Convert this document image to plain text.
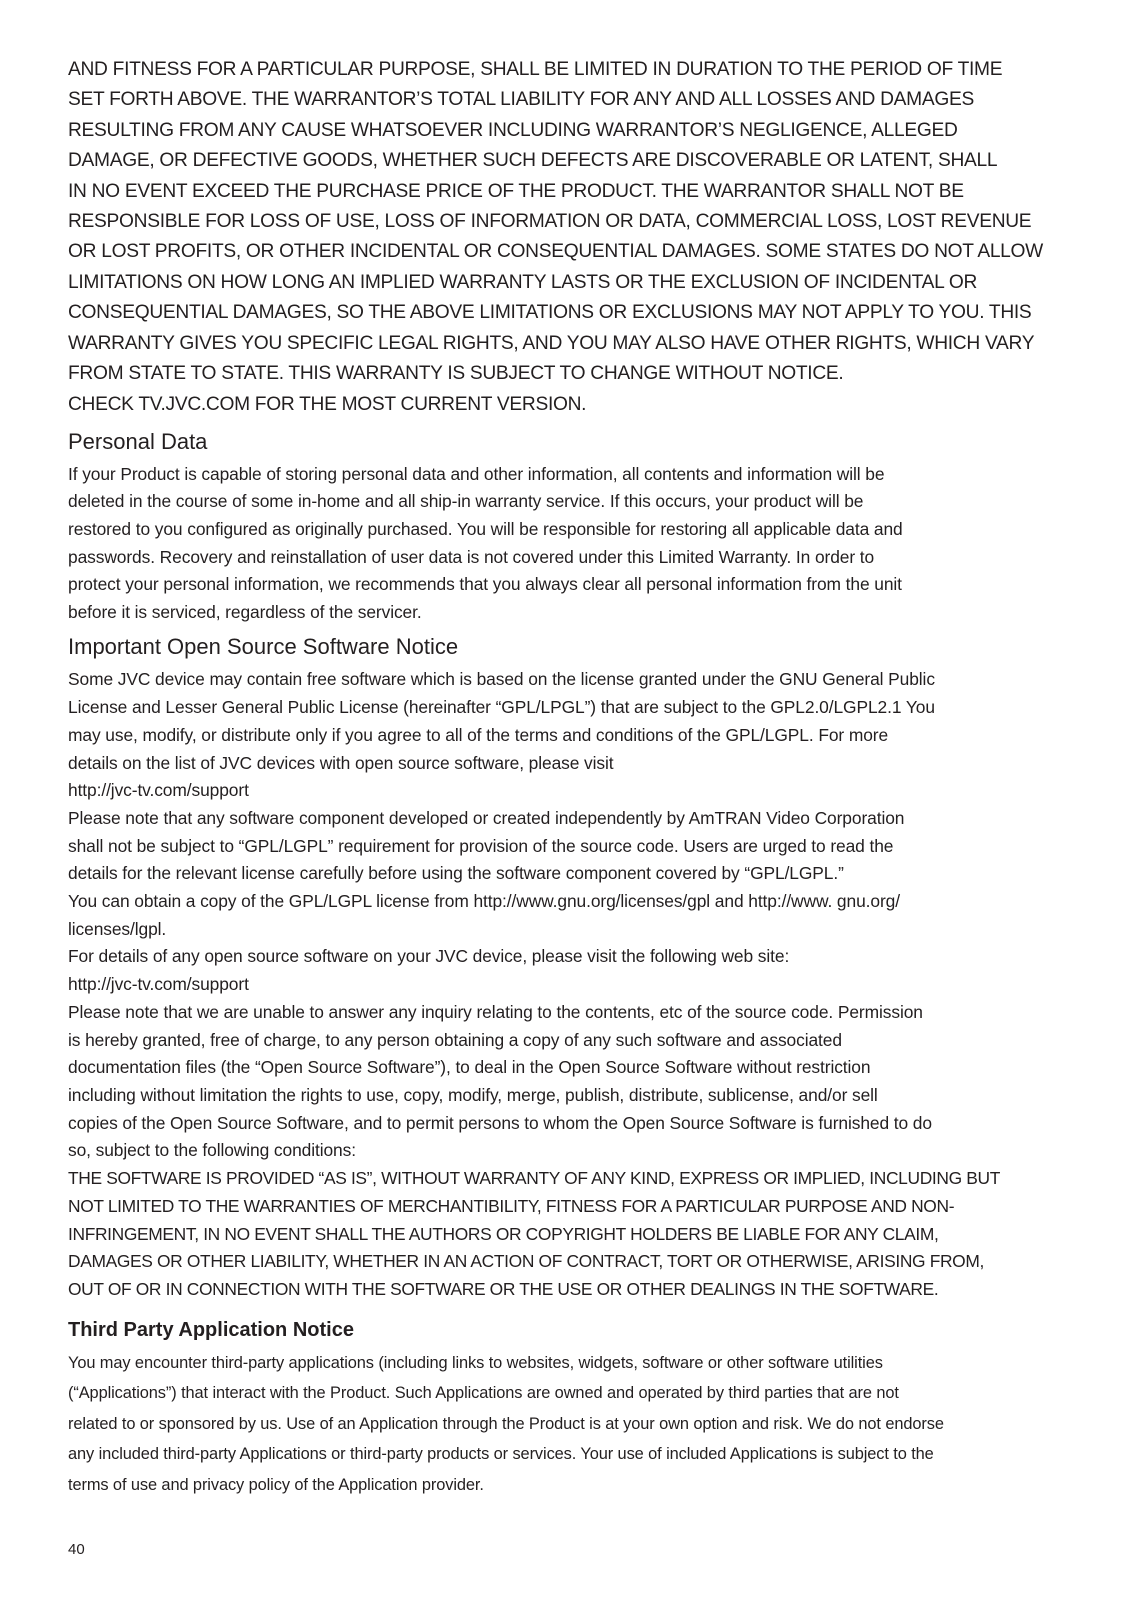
AND FITNESS FOR A PARTICULAR PURPOSE, SHALL BE LIMITED IN DURATION TO THE PERIOD OF TIME
SET FORTH ABOVE. THE WARRANTOR’S TOTAL LIABILITY FOR ANY AND ALL LOSSES AND DAMAGES
RESULTING FROM ANY CAUSE WHATSOEVER INCLUDING WARRANTOR’S NEGLIGENCE, ALLEGED
DAMAGE, OR DEFECTIVE GOODS, WHETHER SUCH DEFECTS ARE DISCOVERABLE OR LATENT, SHALL
IN NO EVENT EXCEED THE PURCHASE PRICE OF THE PRODUCT. THE WARRANTOR SHALL NOT BE
RESPONSIBLE FOR LOSS OF USE, LOSS OF INFORMATION OR DATA, COMMERCIAL LOSS, LOST REVENUE
OR LOST PROFITS, OR OTHER INCIDENTAL OR CONSEQUENTIAL DAMAGES. SOME STATES DO NOT ALLOW
LIMITATIONS ON HOW LONG AN IMPLIED WARRANTY LASTS OR THE EXCLUSION OF INCIDENTAL OR
CONSEQUENTIAL DAMAGES, SO THE ABOVE LIMITATIONS OR EXCLUSIONS MAY NOT APPLY TO YOU. THIS
WARRANTY GIVES YOU SPECIFIC LEGAL RIGHTS, AND YOU MAY ALSO HAVE OTHER RIGHTS, WHICH VARY
FROM STATE TO STATE. THIS WARRANTY IS SUBJECT TO CHANGE WITHOUT NOTICE.

CHECK TV.JVC.COM FOR THE MOST CURRENT VERSION.

Personal Data

If your Product is capable of storing personal data and other information, all contents and information will be
deleted in the course of some in-home and all ship-in warranty service. If this occurs, your product will be
restored to you configured as originally purchased. You will be responsible for restoring all applicable data and
passwords. Recovery and reinstallation of user data is not covered under this Limited Warranty. In order to
protect your personal information, we recommends that you always clear all personal information from the unit
before it is serviced, regardless of the servicer.

Important Open Source Software Notice

Some JVC device may contain free software which is based on the license granted under the GNU General Public
License and Lesser General Public License (hereinafter “GPL/LPGL”) that are subject to the GPL2.0/LGPL2.1 You
may use, modify, or distribute only if you agree to all of the terms and conditions of the GPL/LGPL. For more
details on the list of JVC devices with open source software, please visit

http://jvc-tv.com/support

Please note that any software component developed or created independently by AmTRAN Video Corporation
shall not be subject to “GPL/LGPL” requirement for provision of the source code. Users are urged to read the
details for the relevant license carefully before using the software component covered by “GPL/LGPL.”

You can obtain a copy of the GPL/LGPL license from http://www.gnu.org/licenses/gpl and http://www. gnu.org/
licenses/lgpl.

For details of any open source software on your JVC device, please visit the following web site:

http://jvc-tv.com/support

Please note that we are unable to answer any inquiry relating to the contents, etc of the source code. Permission
is hereby granted, free of charge, to any person obtaining a copy of any such software and associated
documentation files (the “Open Source Software”), to deal in the Open Source Software without restriction
including without limitation the rights to use, copy, modify, merge, publish, distribute, sublicense, and/or sell
copies of the Open Source Software, and to permit persons to whom the Open Source Software is furnished to do
so, subject to the following conditions:

THE SOFTWARE IS PROVIDED “AS IS”, WITHOUT WARRANTY OF ANY KIND, EXPRESS OR IMPLIED, INCLUDING BUT
NOT LIMITED TO THE WARRANTIES OF MERCHANTIBILITY, FITNESS FOR A PARTICULAR PURPOSE AND NON-
INFRINGEMENT, IN NO EVENT SHALL THE AUTHORS OR COPYRIGHT HOLDERS BE LIABLE FOR ANY CLAIM,
DAMAGES OR OTHER LIABILITY, WHETHER IN AN ACTION OF CONTRACT, TORT OR OTHERWISE, ARISING FROM,
OUT OF OR IN CONNECTION WITH THE SOFTWARE OR THE USE OR OTHER DEALINGS IN THE SOFTWARE.

Third Party Application Notice

You may encounter third-party applications (including links to websites, widgets, software or other software utilities
(“Applications”) that interact with the Product. Such Applications are owned and operated by third parties that are not
related to or sponsored by us. Use of an Application through the Product is at your own option and risk. We do not endorse
any included third-party Applications or third-party products or services. Your use of included Applications is subject to the
terms of use and privacy policy of the Application provider.

40
